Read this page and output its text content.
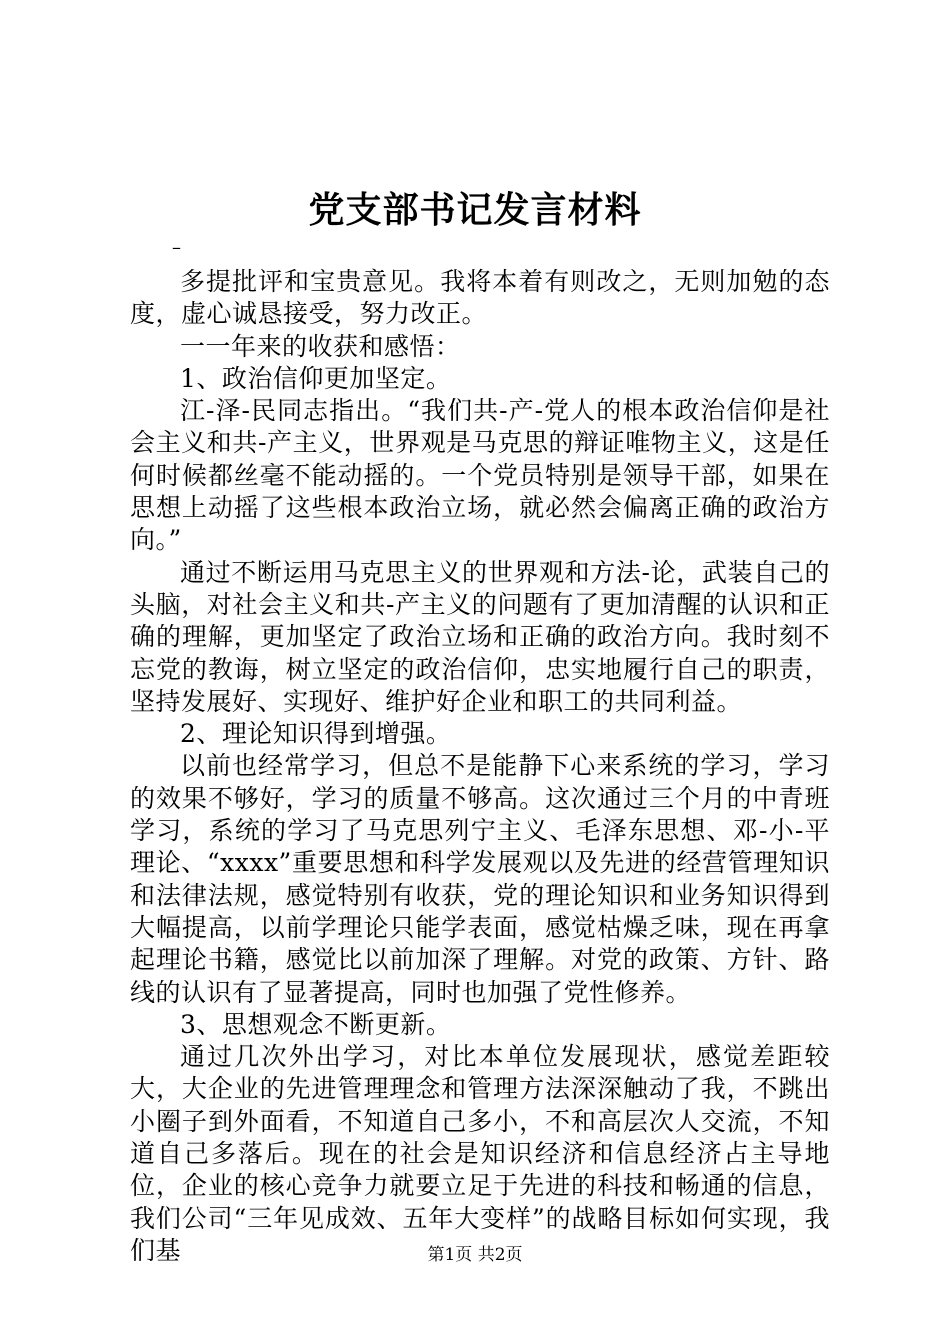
党支部书记发言材料
–

多提批评和宝贵意见。我将本着有则改之，无则加勉的态度，虚心诚恳接受，努力改正。

一一年来的收获和感悟：

1、政治信仰更加坚定。

江-泽-民同志指出。“我们共-产-党人的根本政治信仰是社会主义和共-产主义，世界观是马克思的辩证唯物主义，这是任何时候都丝毫不能动摇的。一个党员特别是领导干部，如果在思想上动摇了这些根本政治立场，就必然会偏离正确的政治方向。”

通过不断运用马克思主义的世界观和方法-论，武装自己的头脑，对社会主义和共-产主义的问题有了更加清醒的认识和正确的理解，更加坚定了政治立场和正确的政治方向。我时刻不忘党的教诲，树立坚定的政治信仰，忠实地履行自己的职责，坚持发展好、实现好、维护好企业和职工的共同利益。

2、理论知识得到增强。

以前也经常学习，但总不是能静下心来系统的学习，学习的效果不够好，学习的质量不够高。这次通过三个月的中青班学习，系统的学习了马克思列宁主义、毛泽东思想、邓-小-平理论、“xxxx”重要思想和科学发展观以及先进的经营管理知识和法律法规，感觉特别有收获，党的理论知识和业务知识得到大幅提高，以前学理论只能学表面，感觉枯燥乏味，现在再拿起理论书籍，感觉比以前加深了理解。对党的政策、方针、路线的认识有了显著提高，同时也加强了党性修养。

3、思想观念不断更新。

通过几次外出学习，对比本单位发展现状，感觉差距较大，大企业的先进管理理念和管理方法深深触动了我，不跳出小圈子到外面看，不知道自己多小，不和高层次人交流，不知道自己多落后。现在的社会是知识经济和信息经济占主导地位，企业的核心竞争力就要立足于先进的科技和畅通的信息，我们公司“三年见成效、五年大变样”的战略目标如何实现，我们基	第1页 共2页
